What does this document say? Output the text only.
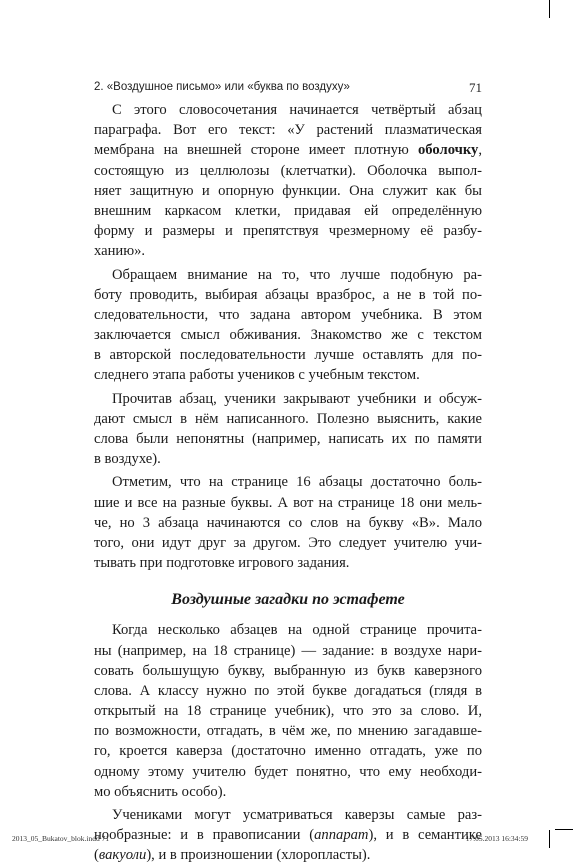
2. «Воздушное письмо» или «буква по воздуху»	71
С этого словосочетания начинается четвёртый абзац
параграфа. Вот его текст: «У растений плазматическая
мембрана на внешней стороне имеет плотную оболочку,
состоящую из целлюлозы (клетчатки). Оболочка выпол-
няет защитную и опорную функции. Она служит как бы
внешним каркасом клетки, придавая ей определённую
форму и размеры и препятствуя чрезмерному её разбу-
ханию».
Обращаем внимание на то, что лучше подобную ра-
боту проводить, выбирая абзацы вразброс, а не в той по-
следовательности, что задана автором учебника. В этом
заключается смысл обживания. Знакомство же с текстом
в авторской последовательности лучше оставлять для по-
следнего этапа работы учеников с учебным текстом.
Прочитав абзац, ученики закрывают учебники и обсуж-
дают смысл в нём написанного. Полезно выяснить, какие
слова были непонятны (например, написать их по памяти
в воздухе).
Отметим, что на странице 16 абзацы достаточно боль-
шие и все на разные буквы. А вот на странице 18 они мель-
че, но 3 абзаца начинаются со слов на букву «В». Мало
того, они идут друг за другом. Это следует учителю учи-
тывать при подготовке игрового задания.
Воздушные загадки по эстафете
Когда несколько абзацев на одной странице прочита-
ны (например, на 18 странице) — задание: в воздухе нари-
совать большущую букву, выбранную из букв каверзного
слова. А классу нужно по этой букве догадаться (глядя в
открытый на 18 странице учебник), что это за слово. И,
по возможности, отгадать, в чём же, по мнению загадавше-
го, кроется каверза (достаточно именно отгадать, уже по
одному этому учителю будет понятно, что ему необходи-
мо объяснить особо).
Учениками могут усматриваться каверзы самые раз-
нообразные: и в правописании (аппарат), и в семантике
(вакуоли), и в произношении (хлоропласты).
2013_05_Bukatov_blok.indd 71	17.05.2013 16:34:59
